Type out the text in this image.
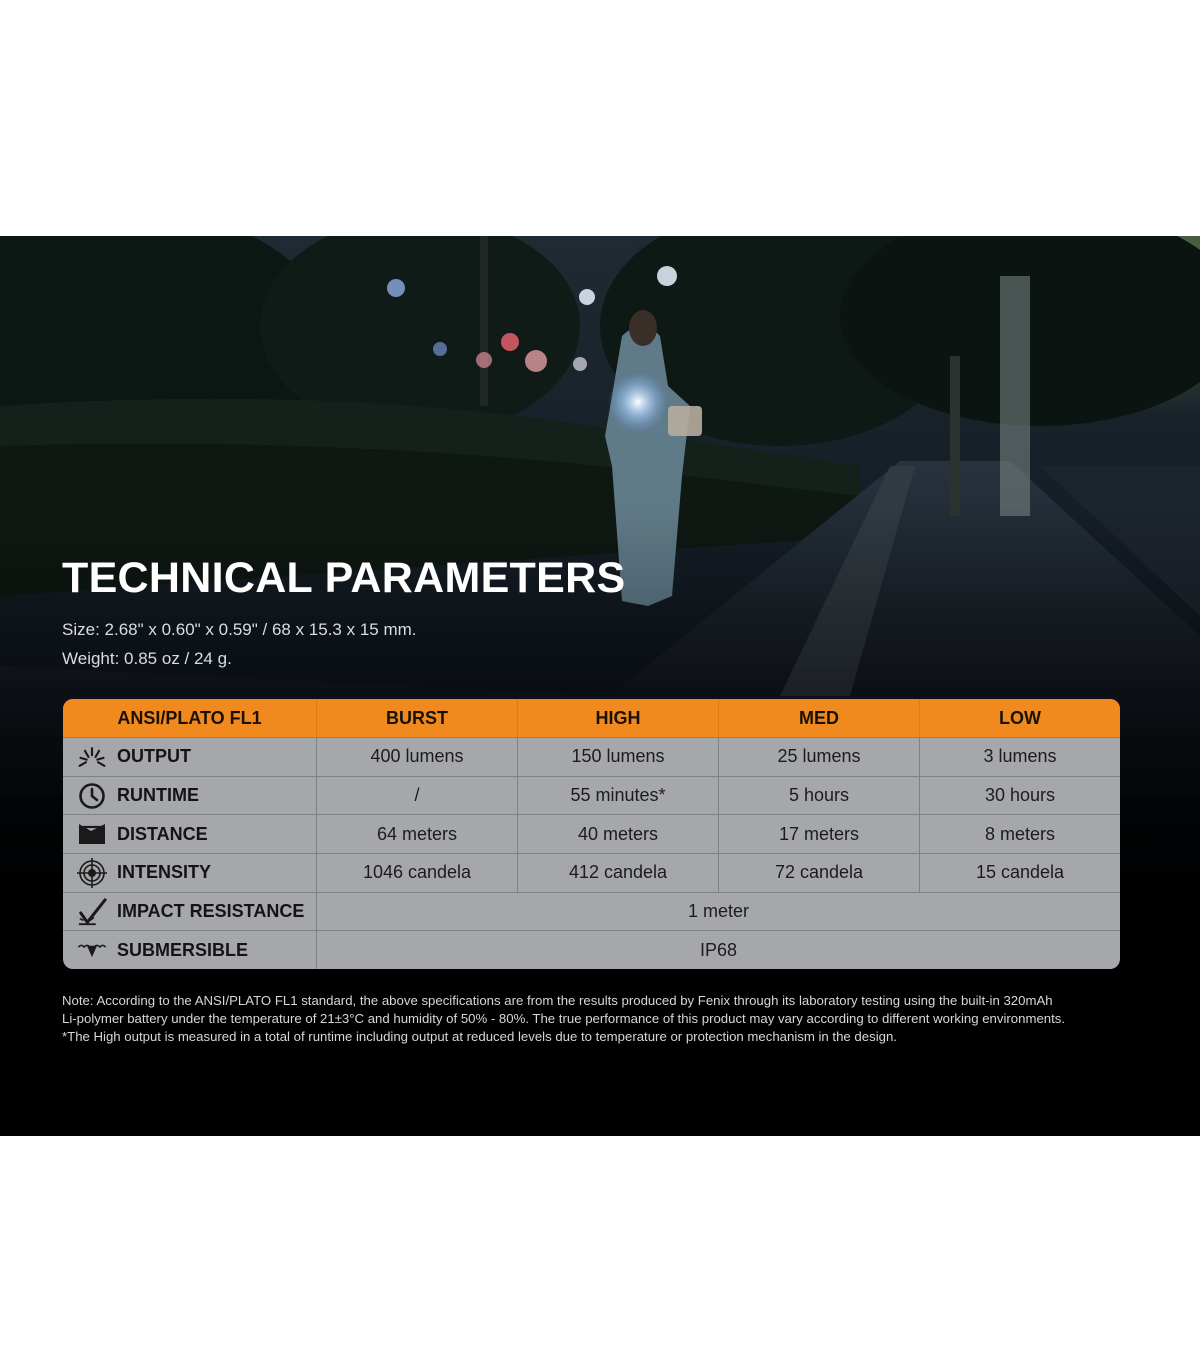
TECHNICAL PARAMETERS
Size: 2.68" x 0.60" x 0.59" / 68 x 15.3 x 15 mm.
Weight: 0.85 oz / 24 g.
ANSI/PLATO FL1	BURST	HIGH	MED	LOW
OUTPUT	400 lumens	150 lumens	25 lumens	3 lumens
RUNTIME	/	55 minutes*	5 hours	30 hours
DISTANCE	64 meters	40 meters	17 meters	8 meters
INTENSITY	1046 candela	412 candela	72 candela	15 candela
IMPACT RESISTANCE	1 meter
SUBMERSIBLE	IP68

Note: According to the ANSI/PLATO FL1 standard, the above specifications are from the results produced by Fenix through its laboratory testing using the built-in 320mAh

Li-polymer battery under the temperature of 21±3°C and humidity of 50% - 80%. The true performance of this product may vary according to different working environments.

*The High output is measured in a total of runtime including output at reduced levels due to temperature or protection mechanism in the design.
